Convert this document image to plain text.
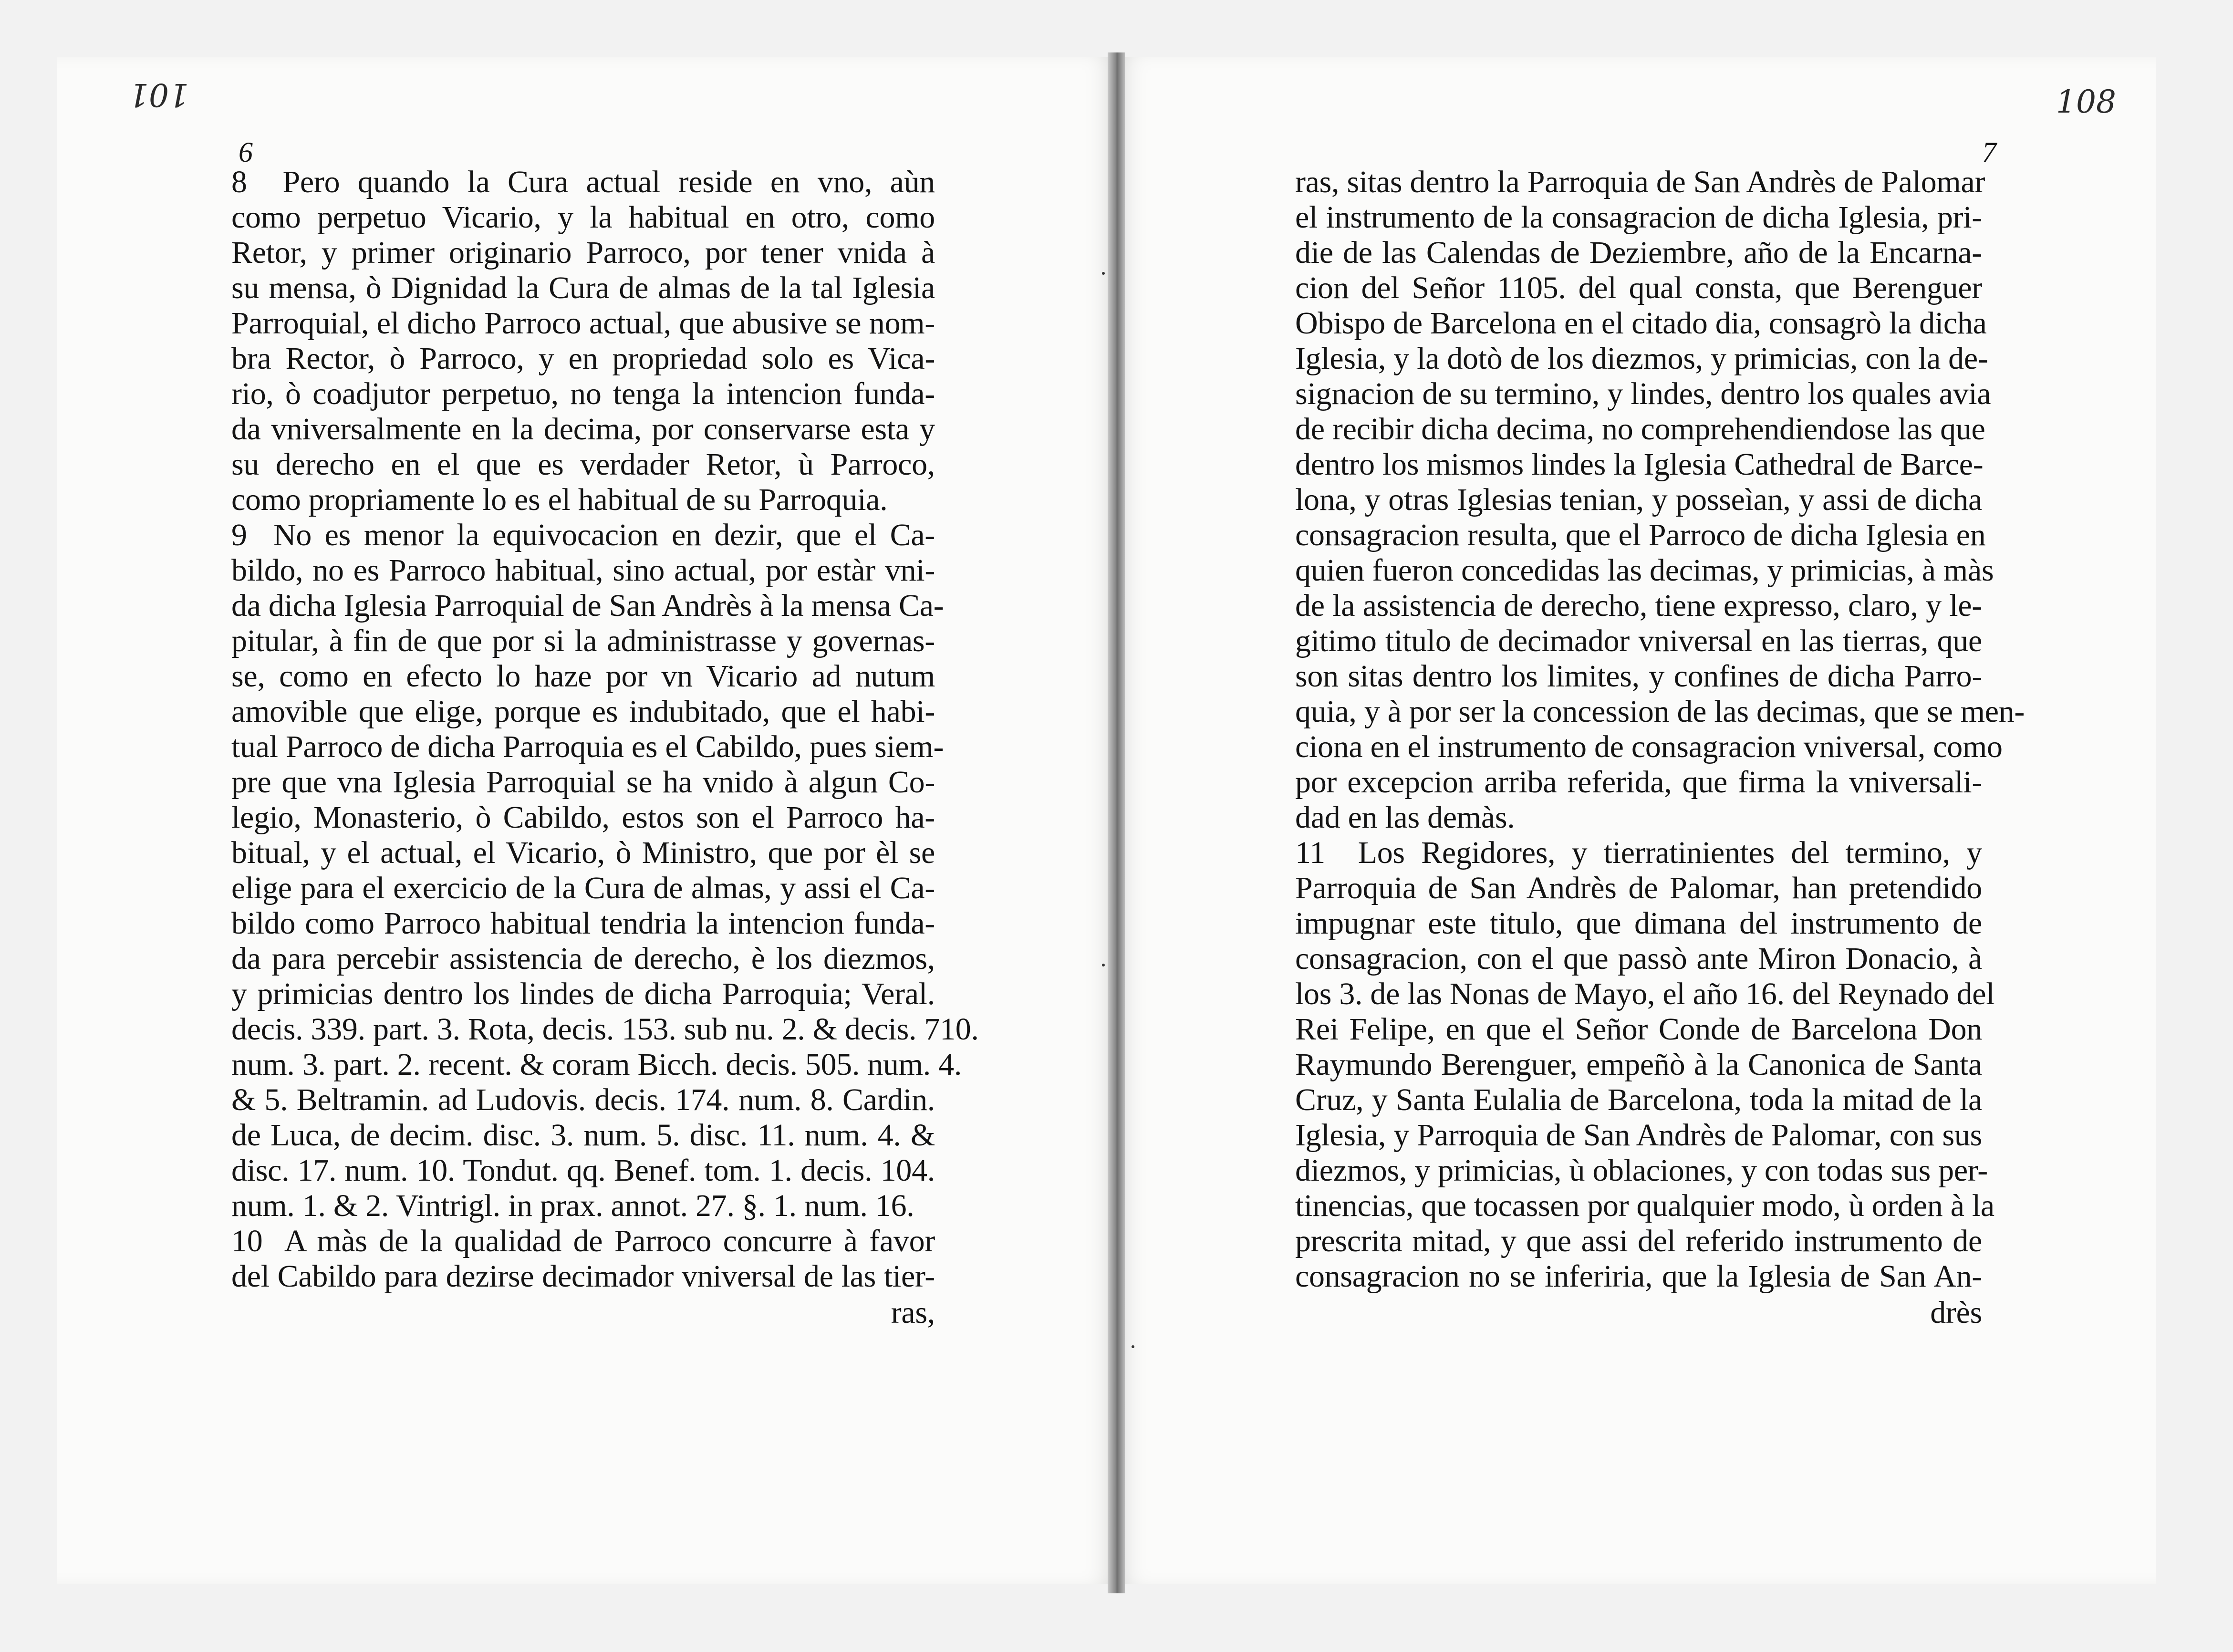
101	108
6	7
8  Pero quando la Cura actual reside en vno, aùn
como perpetuo Vicario, y la habitual en otro, como
Retor, y primer originario Parroco, por tener vnida à
su mensa, ò Dignidad la Cura de almas de la tal Iglesia
Parroquial, el dicho Parroco actual, que abusive se nom-
bra Rector, ò Parroco, y en propriedad solo es Vica-
rio, ò coadjutor perpetuo, no tenga la intencion funda-
da vniversalmente en la decima, por conservarse esta y
su derecho en el que es verdader Retor, ù Parroco,
como propriamente lo es el habitual de su Parroquia.
9  No es menor la equivocacion en dezir, que el Ca-
bildo, no es Parroco habitual, sino actual, por estàr vni-
da dicha Iglesia Parroquial de San Andrès à la mensa Ca-
pitular, à fin de que por si la administrasse y governas-
se, como en efecto lo haze por vn Vicario ad nutum
amovible que elige, porque es indubitado, que el habi-
tual Parroco de dicha Parroquia es el Cabildo, pues siem-
pre que vna Iglesia Parroquial se ha vnido à algun Co-
legio, Monasterio, ò Cabildo, estos son el Parroco ha-
bitual, y el actual, el Vicario, ò Ministro, que por èl se
elige para el exercicio de la Cura de almas, y assi el Ca-
bildo como Parroco habitual tendria la intencion funda-
da para percebir assistencia de derecho, è los diezmos,
y primicias dentro los lindes de dicha Parroquia; Veral.
decis. 339. part. 3. Rota, decis. 153. sub nu. 2. & decis. 710.
num. 3. part. 2. recent. & coram Bicch. decis. 505. num. 4.
& 5. Beltramin. ad Ludovis. decis. 174. num. 8. Cardin.
de Luca, de decim. disc. 3. num. 5. disc. 11. num. 4. &
disc. 17. num. 10. Tondut. qq. Benef. tom. 1. decis. 104.
num. 1. & 2. Vintrigl. in prax. annot. 27. §. 1. num. 16.
10  A màs de la qualidad de Parroco concurre à favor
del Cabildo para dezirse decimador vniversal de las tier-
ras,
ras, sitas dentro la Parroquia de San Andrès de Palomar
el instrumento de la consagracion de dicha Iglesia, pri-
die de las Calendas de Deziembre, año de la Encarna-
cion del Señor 1105. del qual consta, que Berenguer
Obispo de Barcelona en el citado dia, consagrò la dicha
Iglesia, y la dotò de los diezmos, y primicias, con la de-
signacion de su termino, y lindes, dentro los quales avia
de recibir dicha decima, no comprehendiendose las que
dentro los mismos lindes la Iglesia Cathedral de Barce-
lona, y otras Iglesias tenian, y posseìan, y assi de dicha
consagracion resulta, que el Parroco de dicha Iglesia en
quien fueron concedidas las decimas, y primicias, à màs
de la assistencia de derecho, tiene expresso, claro, y le-
gitimo titulo de decimador vniversal en las tierras, que
son sitas dentro los limites, y confines de dicha Parro-
quia, y à por ser la concession de las decimas, que se men-
ciona en el instrumento de consagracion vniversal, como
por excepcion arriba referida, que firma la vniversali-
dad en las demàs.
11  Los Regidores, y tierratinientes del termino, y
Parroquia de San Andrès de Palomar, han pretendido
impugnar este titulo, que dimana del instrumento de
consagracion, con el que passò ante Miron Donacio, à
los 3. de las Nonas de Mayo, el año 16. del Reynado del
Rei Felipe, en que el Señor Conde de Barcelona Don
Raymundo Berenguer, empeñò à la Canonica de Santa
Cruz, y Santa Eulalia de Barcelona, toda la mitad de la
Iglesia, y Parroquia de San Andrès de Palomar, con sus
diezmos, y primicias, ù oblaciones, y con todas sus per-
tinencias, que tocassen por qualquier modo, ù orden à la
prescrita mitad, y que assi del referido instrumento de
consagracion no se inferiria, que la Iglesia de San An-
drès
